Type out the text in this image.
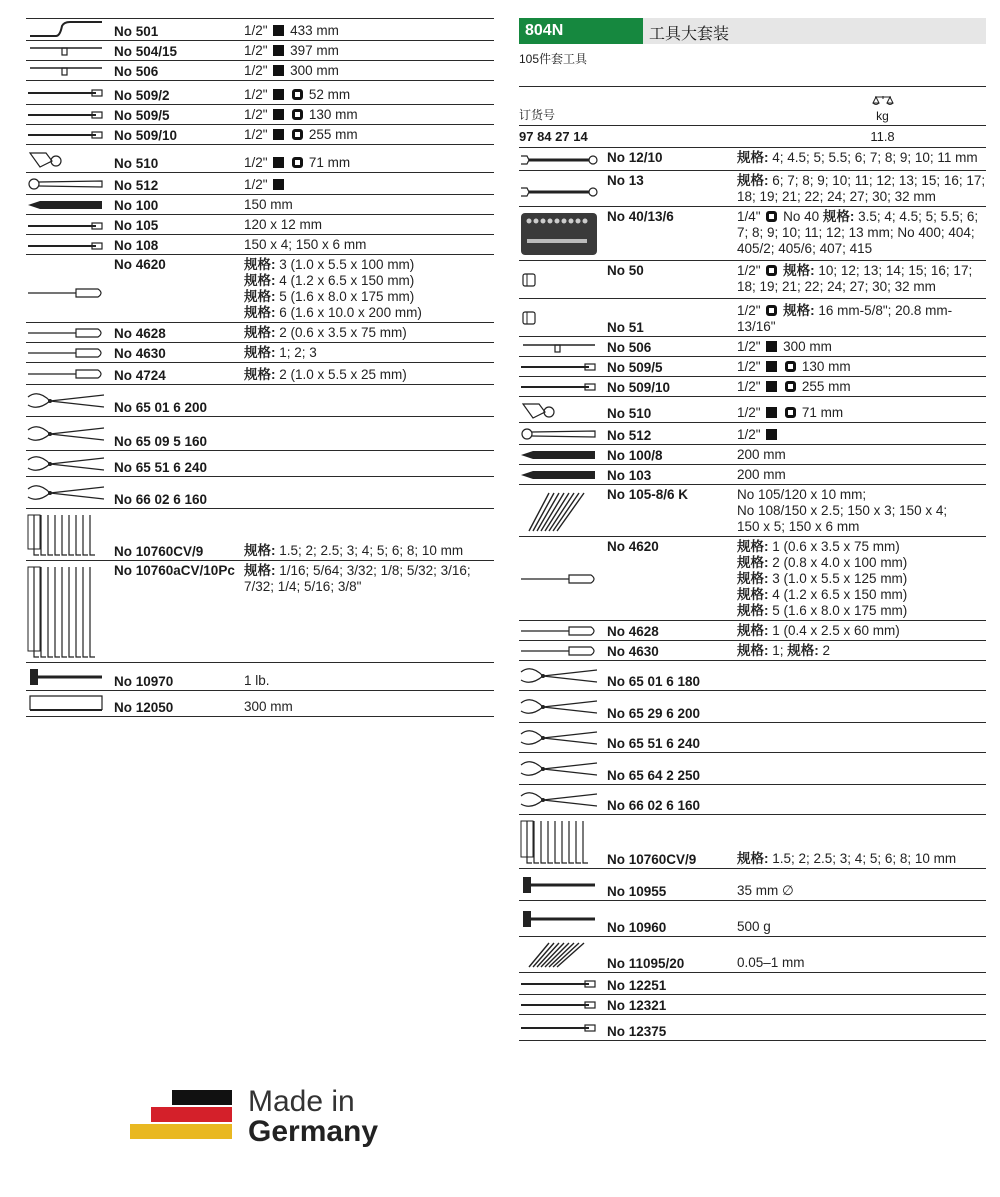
	No 501	1/2"  433 mm

	No 504/15	1/2"  397 mm

	No 506	1/2"  300 mm

	No 509/2	1/2" 52 mm

	No 509/5	1/2" 130 mm

	No 509/10	1/2" 255 mm

	No 510	1/2" 71 mm

	No 512	1/2"

	No 100	150 mm

	No 105	120 x 12 mm

	No 108	150 x 4; 150 x 6 mm

	No 4620	规格: 3 (1.0 x 5.5 x 100 mm)
规格: 4 (1.2 x 6.5 x 150 mm)
规格: 5 (1.6 x 8.0 x 175 mm)
规格: 6 (1.6 x 10.0 x 200 mm)

	No 4628	规格: 2 (0.6 x 3.5 x 75 mm)

	No 4630	规格: 1; 2; 3

	No 4724	规格: 2 (1.0 x 5.5 x 25 mm)

	No 65 01 6 200	

	No 65 09 5 160	

	No 65 51 6 240	

	No 66 02 6 160	

	No 10760CV/9	规格: 1.5; 2; 2.5; 3; 4; 5; 6; 8; 10 mm

	No 10760aCV/10Pc	规格: 1/16; 5/64; 3/32; 1/8; 5/32; 3/16; 7/32; 1/4; 5/16; 3/8"

	No 10970	1 lb.

	No 12050	300 mm
804N	工具大套装
105件套工具
订货号	kg
97 84 27 14	11.8
	No 12/10	规格: 4; 4.5; 5; 5.5; 6; 7; 8; 9; 10; 11 mm

	No 13	规格: 6; 7; 8; 9; 10; 11; 12; 13; 15; 16; 17; 18; 19; 21; 22; 24; 27; 30; 32 mm

	No 40/13/6	1/4"  No 40 规格: 3.5; 4; 4.5; 5; 5.5; 6; 7; 8; 9; 10; 11; 12; 13 mm; No 400; 404; 405/2; 405/6; 407; 415

	No 50	1/2"  规格: 10; 12; 13; 14; 15; 16; 17; 18; 19; 21; 22; 24; 27; 30; 32 mm

	No 51	1/2"  规格: 16 mm-5/8"; 20.8 mm-13/16"

	No 506	1/2"  300 mm

	No 509/5	1/2" 130 mm

	No 509/10	1/2" 255 mm

	No 510	1/2" 71 mm

	No 512	1/2"

	No 100/8	200 mm

	No 103	200 mm

	No 105-8/6 K	No 105/120 x 10 mm;
No 108/150 x 2.5; 150 x 3; 150 x 4;
150 x 5; 150 x 6 mm

	No 4620	规格: 1 (0.6 x 3.5 x 75 mm)
规格: 2 (0.8 x 4.0 x 100 mm)
规格: 3 (1.0 x 5.5 x 125 mm)
规格: 4 (1.2 x 6.5 x 150 mm)
规格: 5 (1.6 x 8.0 x 175 mm)

	No 4628	规格: 1 (0.4 x 2.5 x 60 mm)

	No 4630	规格: 1; 规格: 2

	No 65 01 6 180	

	No 65 29 6 200	

	No 65 51 6 240	

	No 65 64 2 250	

	No 66 02 6 160	

	No 10760CV/9	规格: 1.5; 2; 2.5; 3; 4; 5; 6; 8; 10 mm

	No 10955	35 mm ∅

	No 10960	500 g

	No 11095/20	0.05–1 mm

	No 12251	

	No 12321	

	No 12375	
Made in
Germany
